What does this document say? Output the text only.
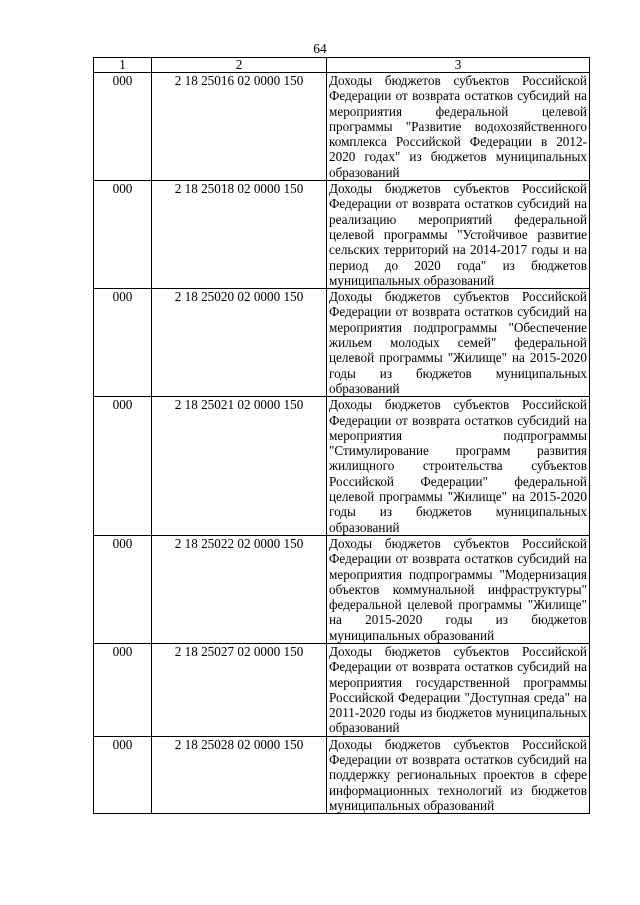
64
1	2	3
000	2 18 25016 02 0000 150	Доходы бюджетов субъектов Российской Федерации от возврата остатков субсидий на мероприятия федеральной целевой программы "Развитие водохозяйственного комплекса Российской Федерации в 2012-2020 годах" из бюджетов муниципальных образований
000	2 18 25018 02 0000 150	Доходы бюджетов субъектов Российской Федерации от возврата остатков субсидий на реализацию мероприятий федеральной целевой программы "Устойчивое развитие сельских территорий на 2014-2017 годы и на период до 2020 года" из бюджетов муниципальных образований
000	2 18 25020 02 0000 150	Доходы бюджетов субъектов Российской Федерации от возврата остатков субсидий на мероприятия подпрограммы "Обеспечение жильем молодых семей" федеральной целевой программы "Жилище" на 2015-2020 годы из бюджетов муниципальных образований
000	2 18 25021 02 0000 150	Доходы бюджетов субъектов Российской Федерации от возврата остатков субсидий на мероприятия подпрограммы "Стимулирование программ развития жилищного строительства субъектов Российской Федерации" федеральной целевой программы "Жилище" на 2015-2020 годы из бюджетов муниципальных образований
000	2 18 25022 02 0000 150	Доходы бюджетов субъектов Российской Федерации от возврата остатков субсидий на мероприятия подпрограммы "Модернизация объектов коммунальной инфраструктуры" федеральной целевой программы "Жилище" на 2015-2020 годы из бюджетов муниципальных образований
000	2 18 25027 02 0000 150	Доходы бюджетов субъектов Российской Федерации от возврата остатков субсидий на мероприятия государственной программы Российской Федерации "Доступная среда" на 2011-2020 годы из бюджетов муниципальных образований
000	2 18 25028 02 0000 150	Доходы бюджетов субъектов Российской Федерации от возврата остатков субсидий на поддержку региональных проектов в сфере информационных технологий из бюджетов муниципальных образований
